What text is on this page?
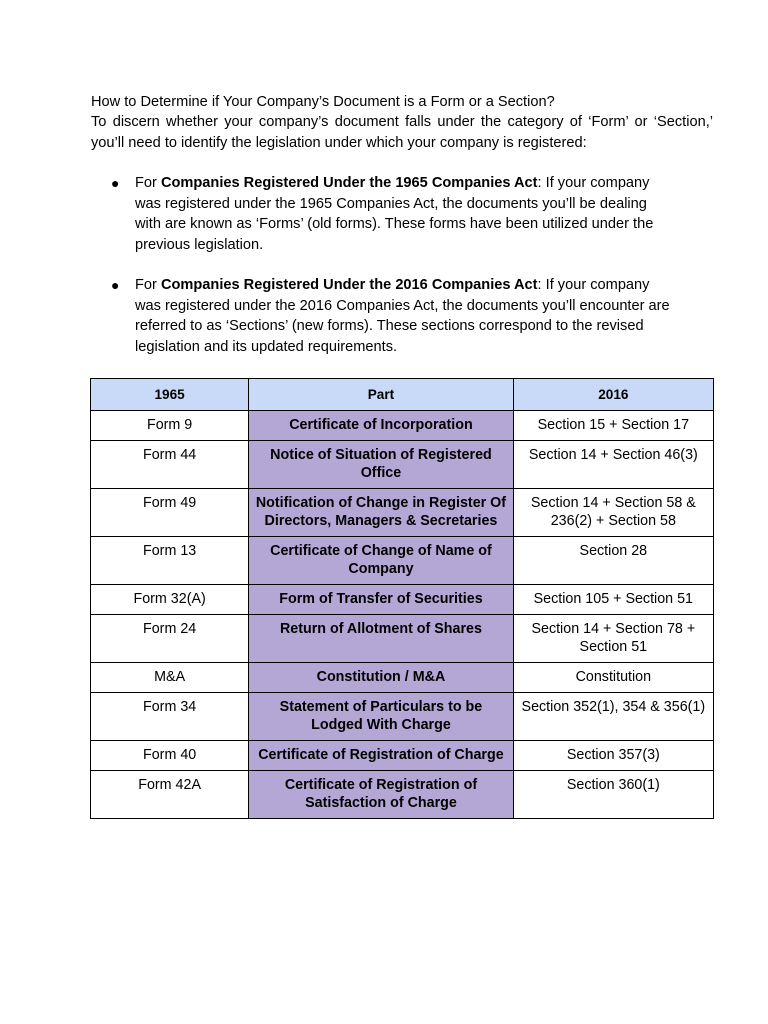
How to Determine if Your Company’s Document is a Form or a Section?

To discern whether your company’s document falls under the category of ‘Form’ or ‘Section,’ you’ll need to identify the legislation under which your company is registered:

● For Companies Registered Under the 1965 Companies Act: If your company was registered under the 1965 Companies Act, the documents you’ll be dealing with are known as ‘Forms’ (old forms). These forms have been utilized under the previous legislation.
● For Companies Registered Under the 2016 Companies Act: If your company was registered under the 2016 Companies Act, the documents you’ll encounter are referred to as ‘Sections’ (new forms). These sections correspond to the revised legislation and its updated requirements.
1965	Part	2016
Form 9	Certificate of Incorporation	Section 15 + Section 17
Form 44	Notice of Situation of Registered Office	Section 14 + Section 46(3)
Form 49	Notification of Change in Register Of Directors, Managers & Secretaries	Section 14 + Section 58 & 236(2) + Section 58
Form 13	Certificate of Change of Name of Company	Section 28
Form 32(A)	Form of Transfer of Securities	Section 105 + Section 51
Form 24	Return of Allotment of Shares	Section 14 + Section 78 + Section 51
M&A	Constitution / M&A	Constitution
Form 34	Statement of Particulars to be Lodged With Charge	Section 352(1), 354 & 356(1)
Form 40	Certificate of Registration of Charge	Section 357(3)
Form 42A	Certificate of Registration of Satisfaction of Charge	Section 360(1)
